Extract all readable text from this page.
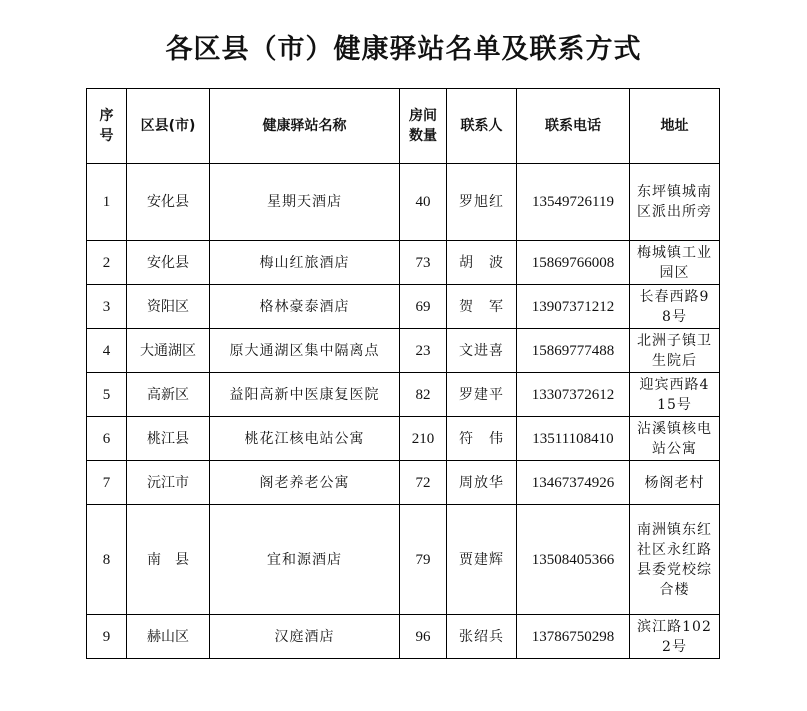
各区县（市）健康驿站名单及联系方式
序号	区县(市)	健康驿站名称	房间数量	联系人	联系电话	地址
1	安化县	星期天酒店	40	罗旭红	13549726119	东坪镇城南区派出所旁
2	安化县	梅山红旅酒店	73	胡　波	15869766008	梅城镇工业园区
3	资阳区	格林豪泰酒店	69	贺　军	13907371212	长春西路98号
4	大通湖区	原大通湖区集中隔离点	23	文进喜	15869777488	北洲子镇卫生院后
5	高新区	益阳高新中医康复医院	82	罗建平	13307372612	迎宾西路415号
6	桃江县	桃花江核电站公寓	210	符　伟	13511108410	沾溪镇核电站公寓
7	沅江市	阁老养老公寓	72	周放华	13467374926	杨阁老村
8	南　县	宜和源酒店	79	贾建辉	13508405366	南洲镇东红社区永红路县委党校综合楼
9	赫山区	汉庭酒店	96	张绍兵	13786750298	滨江路1022号
